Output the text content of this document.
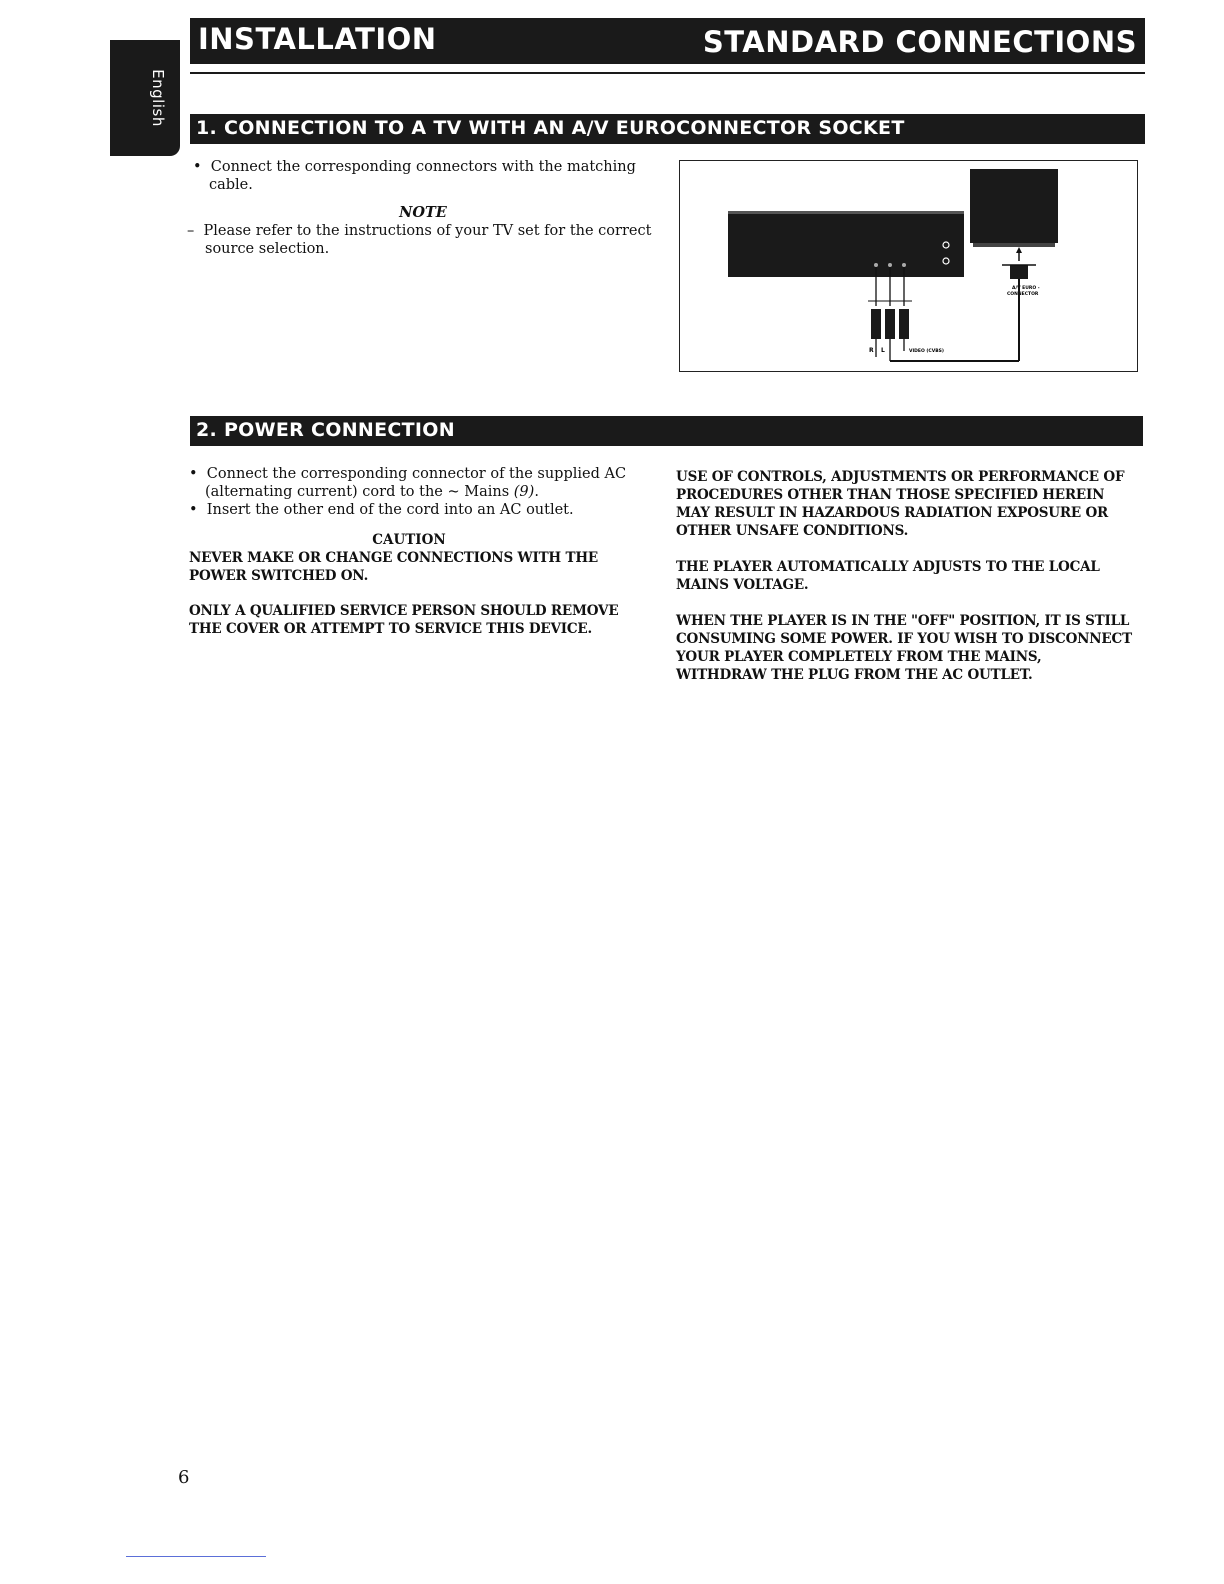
English
INSTALLATION	STANDARD CONNECTIONS
1. CONNECTION TO A TV WITH AN A/V EUROCONNECTOR SOCKET

•  Connect the corresponding connectors with the matching cable.

NOTE

–  Please refer to the instructions of your TV set for the correct source selection.

A/V EURO -
CONNECTOR
R L	VIDEO (CVBS)
2. POWER CONNECTION

•  Connect the corresponding connector of the supplied AC (alternating current) cord to the ~ Mains (9).

•  Insert the other end of the cord into an AC outlet.

CAUTION

NEVER MAKE OR CHANGE CONNECTIONS WITH THE POWER SWITCHED ON.

ONLY A QUALIFIED SERVICE PERSON SHOULD REMOVE THE COVER OR ATTEMPT TO SERVICE THIS DEVICE.

USE OF CONTROLS, ADJUSTMENTS OR PERFORMANCE OF PROCEDURES OTHER THAN THOSE SPECIFIED HEREIN MAY RESULT IN HAZARDOUS RADIATION EXPOSURE OR OTHER UNSAFE CONDITIONS.

THE PLAYER AUTOMATICALLY ADJUSTS TO THE LOCAL MAINS VOLTAGE.

WHEN THE PLAYER IS IN THE "OFF" POSITION, IT IS STILL CONSUMING SOME POWER. IF YOU WISH TO DISCONNECT YOUR PLAYER COMPLETELY FROM THE MAINS, WITHDRAW THE PLUG FROM THE AC OUTLET.

6
